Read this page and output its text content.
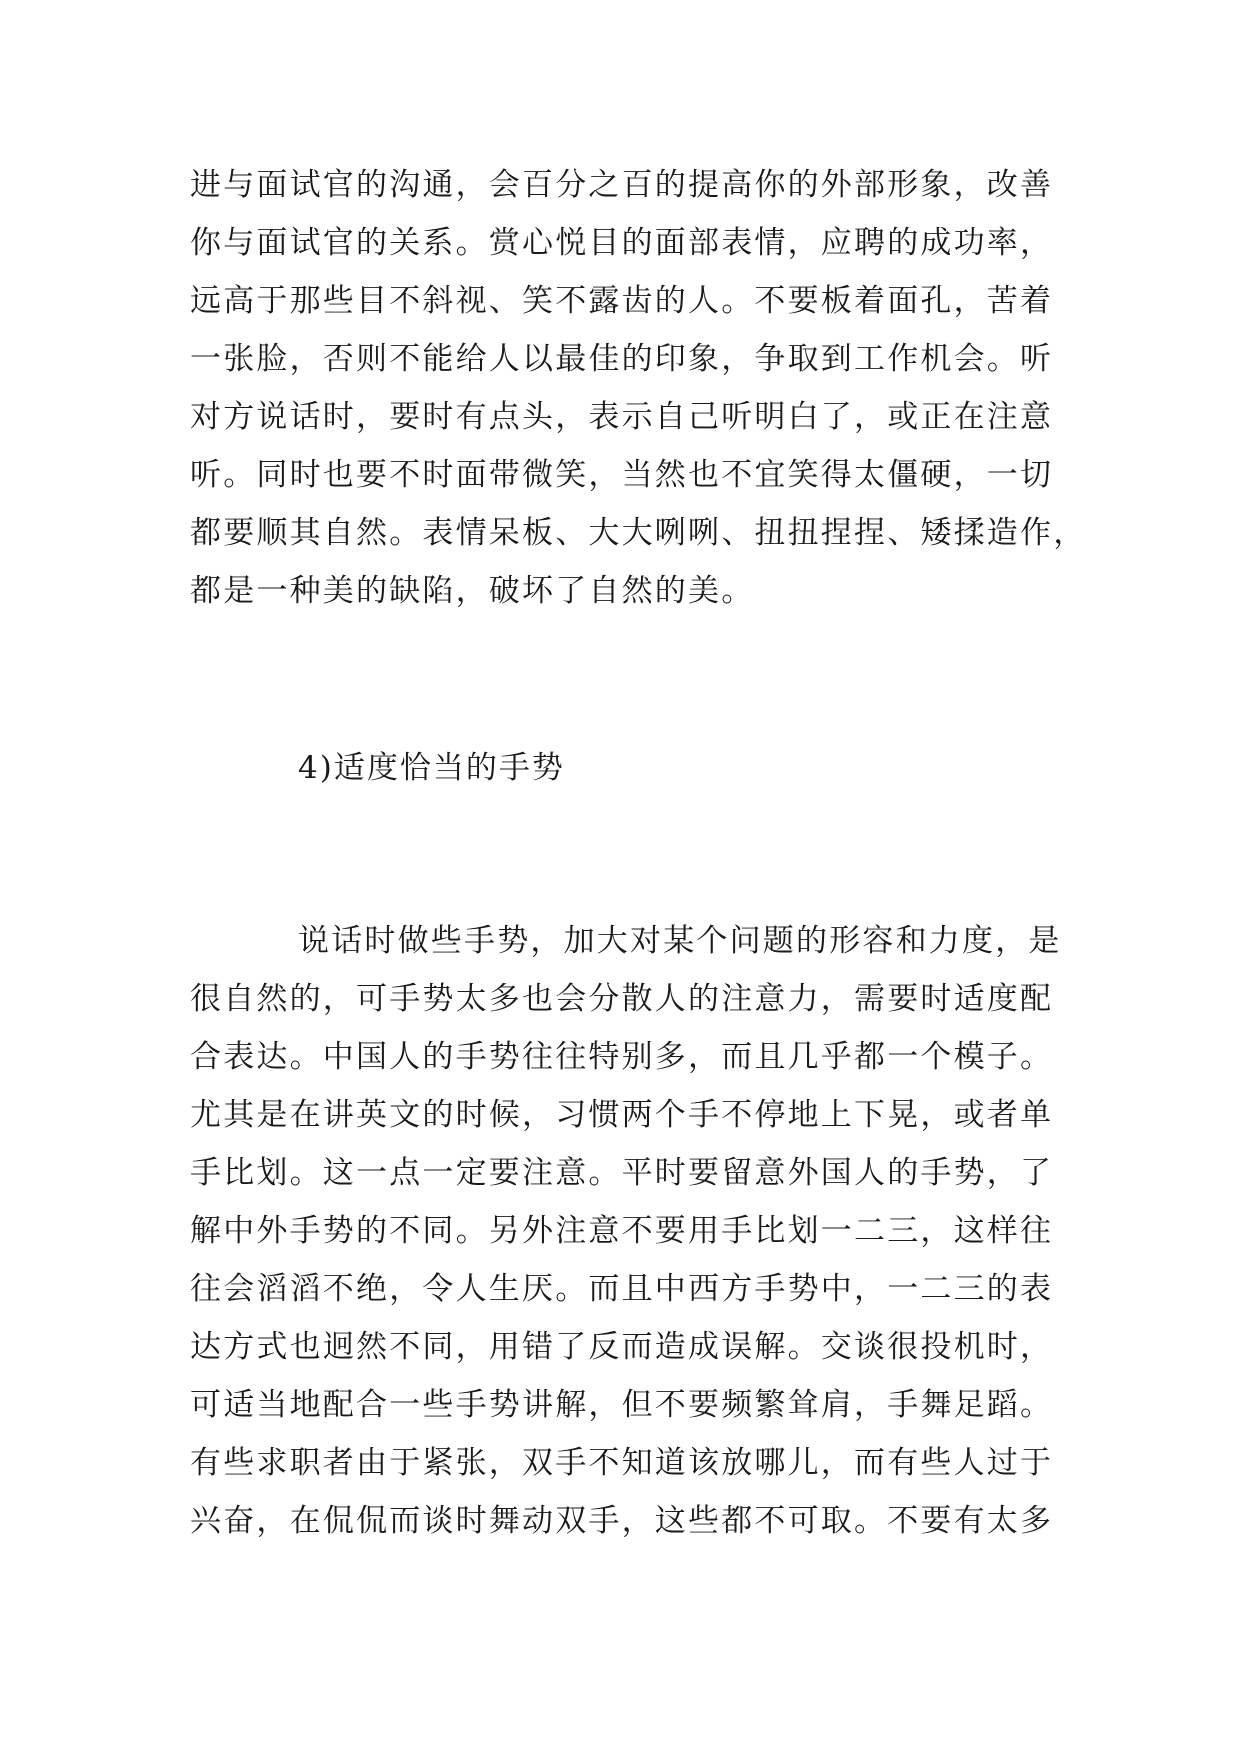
进与面试官的沟通，会百分之百的提高你的外部形象，改善
你与面试官的关系。赏心悦目的面部表情，应聘的成功率，
远高于那些目不斜视、笑不露齿的人。不要板着面孔，苦着
一张脸，否则不能给人以最佳的印象，争取到工作机会。听
对方说话时，要时有点头，表示自己听明白了，或正在注意
听。同时也要不时面带微笑，当然也不宜笑得太僵硬，一切
都要顺其自然。表情呆板、大大咧咧、扭扭捏捏、矮揉造作，
都是一种美的缺陷，破坏了自然的美。
4)适度恰当的手势
说话时做些手势，加大对某个问题的形容和力度，是
很自然的，可手势太多也会分散人的注意力，需要时适度配
合表达。中国人的手势往往特别多，而且几乎都一个模子。
尤其是在讲英文的时候，习惯两个手不停地上下晃，或者单
手比划。这一点一定要注意。平时要留意外国人的手势，了
解中外手势的不同。另外注意不要用手比划一二三，这样往
往会滔滔不绝，令人生厌。而且中西方手势中，一二三的表
达方式也迥然不同，用错了反而造成误解。交谈很投机时，
可适当地配合一些手势讲解，但不要频繁耸肩，手舞足蹈。
有些求职者由于紧张，双手不知道该放哪儿，而有些人过于
兴奋，在侃侃而谈时舞动双手，这些都不可取。不要有太多
